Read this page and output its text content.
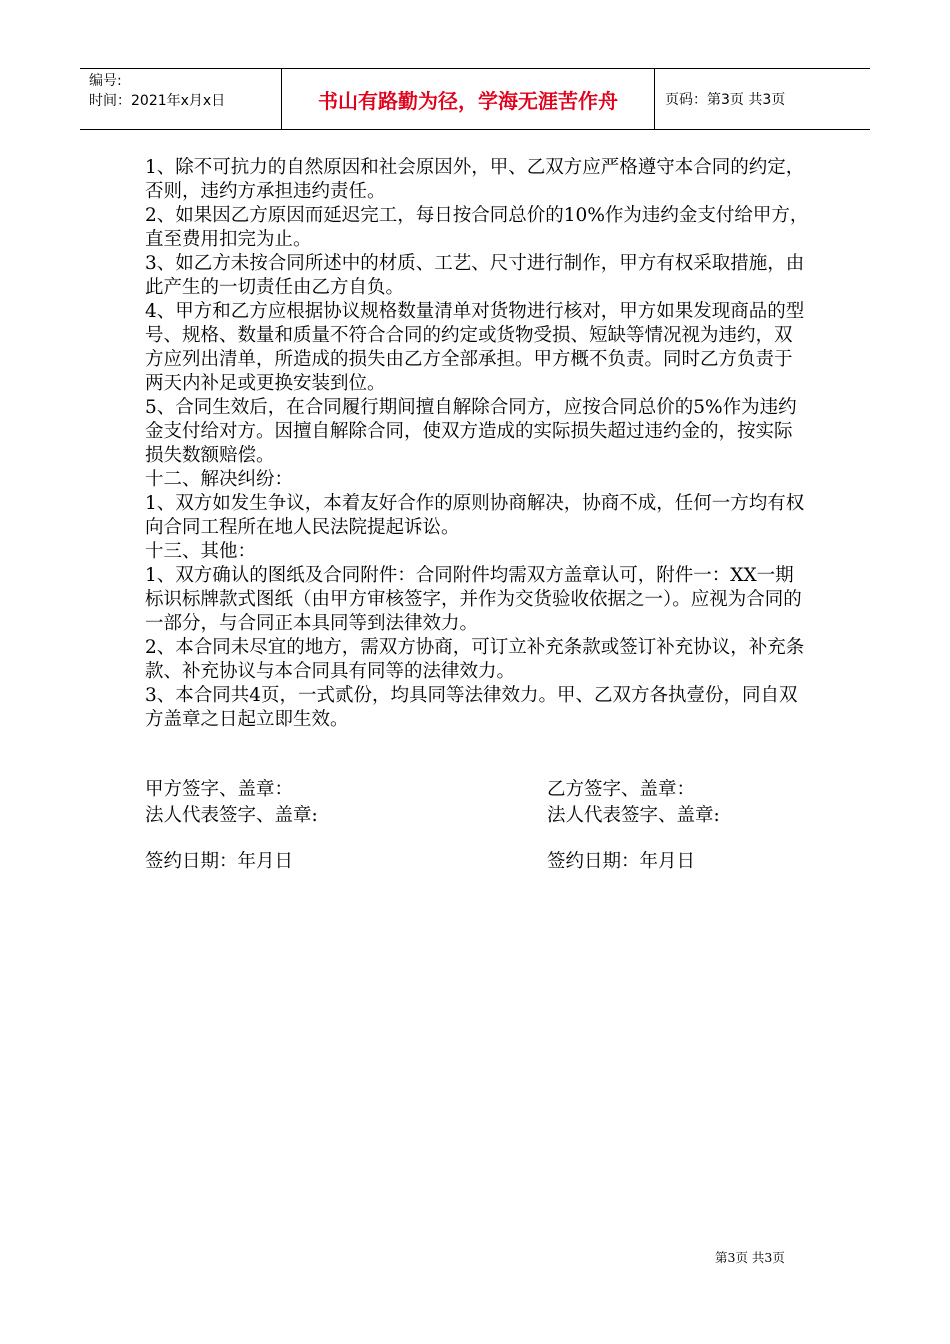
编号:
时间：2021年x月x日	书山有路勤为径，学海无涯苦作舟	页码：第3页 共3页

1、除不可抗力的自然原因和社会原因外，甲、乙双方应严格遵守本合同的约定，否则，违约方承担违约责任。

2、如果因乙方原因而延迟完工，每日按合同总价的10%作为违约金支付给甲方，直至费用扣完为止。

3、如乙方未按合同所述中的材质、工艺、尺寸进行制作，甲方有权采取措施，由此产生的一切责任由乙方自负。

4、甲方和乙方应根据协议规格数量清单对货物进行核对，甲方如果发现商品的型号、规格、数量和质量不符合合同的约定或货物受损、短缺等情况视为违约，双方应列出清单，所造成的损失由乙方全部承担。甲方概不负责。同时乙方负责于两天内补足或更换安装到位。

5、合同生效后，在合同履行期间擅自解除合同方，应按合同总价的5%作为违约金支付给对方。因擅自解除合同，使双方造成的实际损失超过违约金的，按实际损失数额赔偿。

十二、解决纠纷：

1、双方如发生争议，本着友好合作的原则协商解决，协商不成，任何一方均有权向合同工程所在地人民法院提起诉讼。

十三、其他：

1、双方确认的图纸及合同附件：合同附件均需双方盖章认可，附件一：XX一期标识标牌款式图纸（由甲方审核签字，并作为交货验收依据之一）。应视为合同的一部分，与合同正本具同等到法律效力。

2、本合同未尽宜的地方，需双方协商，可订立补充条款或签订补充协议，补充条款、补充协议与本合同具有同等的法律效力。

3、本合同共4页，一式贰份，均具同等法律效力。甲、乙双方各执壹份，同自双方盖章之日起立即生效。

甲方签字、盖章：	乙方签字、盖章：
法人代表签字、盖章:	法人代表签字、盖章:
签约日期：年月日	签约日期：年月日
第3页 共3页
